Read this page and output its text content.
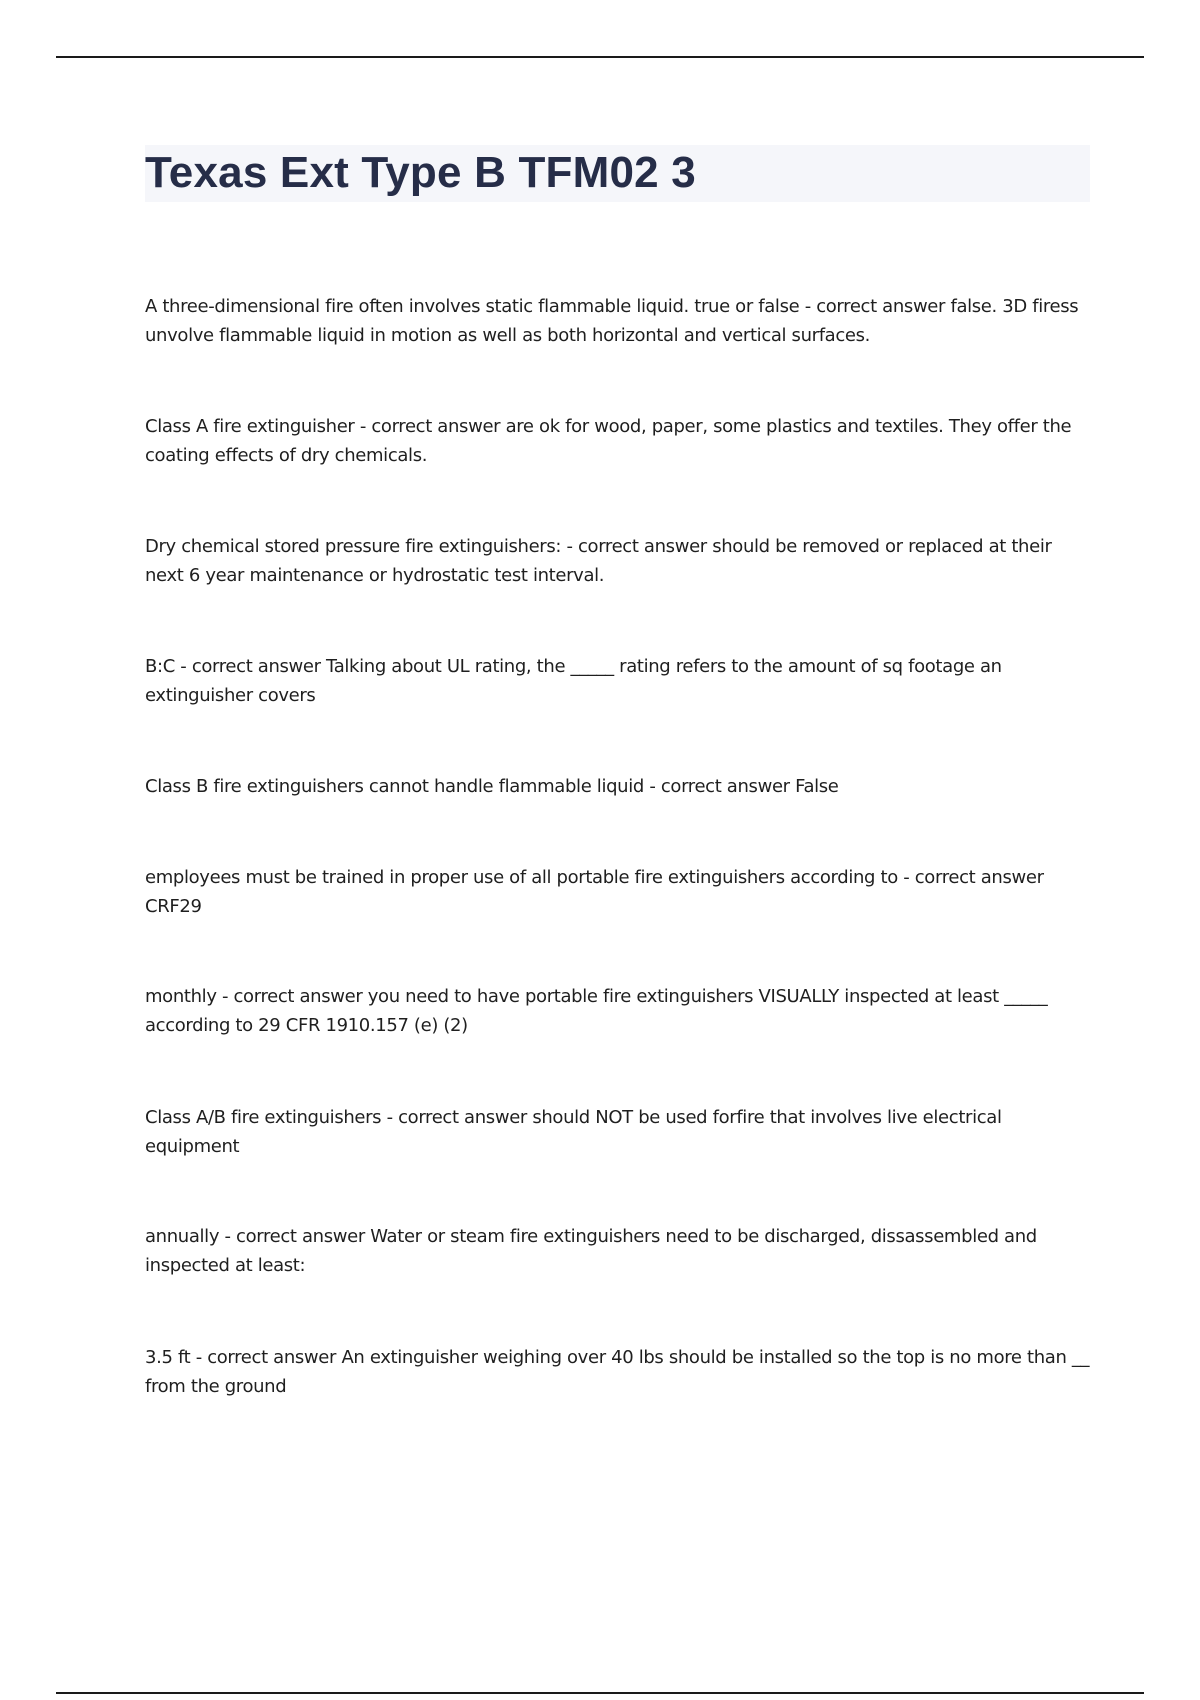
Texas Ext Type B TFM02 3
A three-dimensional fire often involves static flammable liquid. true or false - correct answer false. 3D firess unvolve flammable liquid in motion as well as both horizontal and vertical surfaces.
Class A fire extinguisher - correct answer are ok for wood, paper, some plastics and textiles. They offer the coating effects of dry chemicals.
Dry chemical stored pressure fire extinguishers: - correct answer should be removed or replaced at their next 6 year maintenance or hydrostatic test interval.
B:C - correct answer Talking about UL rating, the _____ rating refers to the amount of sq footage an extinguisher covers
Class B fire extinguishers cannot handle flammable liquid - correct answer False
employees must be trained in proper use of all portable fire extinguishers according to - correct answer CRF29
monthly - correct answer you need to have portable fire extinguishers VISUALLY inspected at least _____ according to 29 CFR 1910.157 (e) (2)
Class A/B fire extinguishers - correct answer should NOT be used forfire that involves live electrical equipment
annually - correct answer Water or steam fire extinguishers need to be discharged, dissassembled and inspected at least:
3.5 ft - correct answer An extinguisher weighing over 40 lbs should be installed so the top is no more than __ from the ground
